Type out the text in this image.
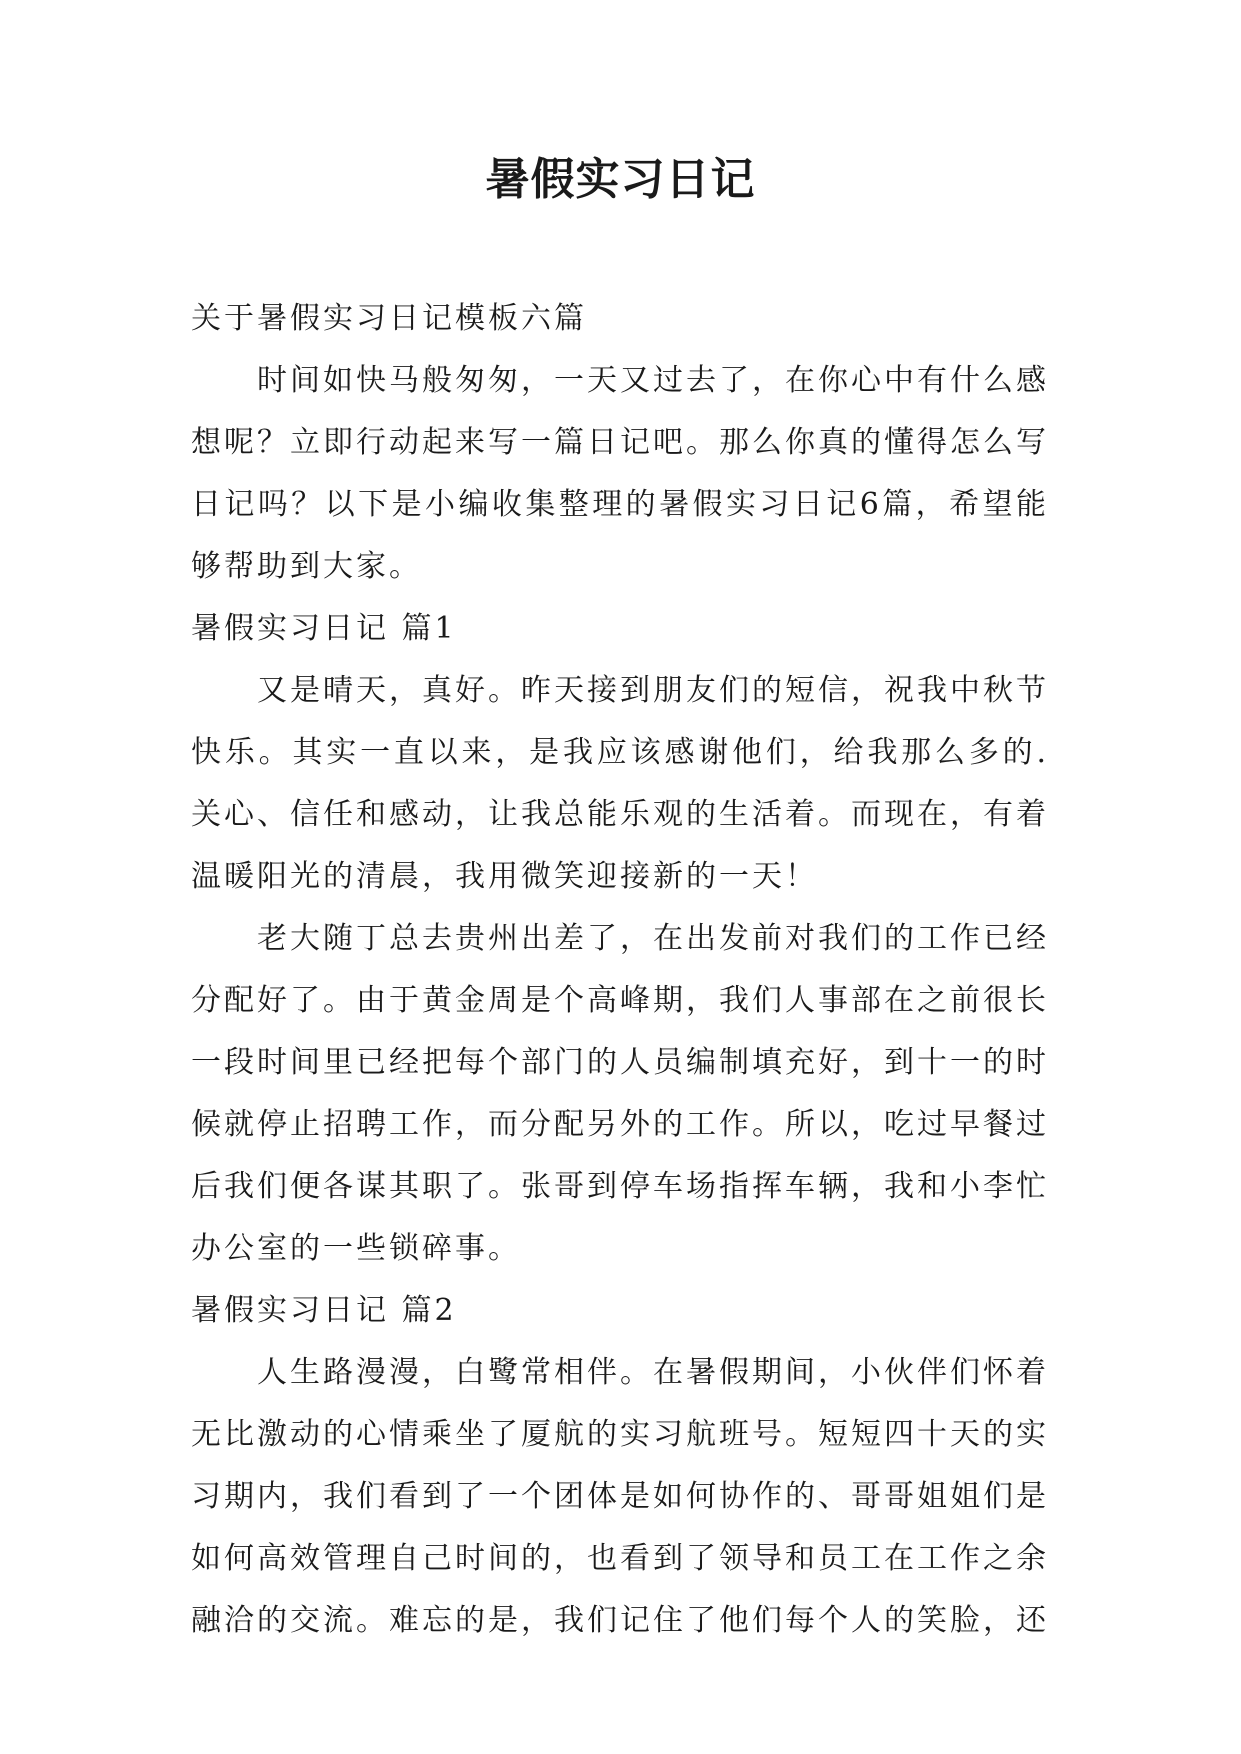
暑假实习日记

关于暑假实习日记模板六篇

时间如快马般匆匆，一天又过去了，在你心中有什么感想呢？立即行动起来写一篇日记吧。那么你真的懂得怎么写日记吗？以下是小编收集整理的暑假实习日记6篇，希望能够帮助到大家。

暑假实习日记 篇1

又是晴天，真好。昨天接到朋友们的短信，祝我中秋节快乐。其实一直以来，是我应该感谢他们，给我那么多的.关心、信任和感动，让我总能乐观的生活着。而现在，有着温暖阳光的清晨，我用微笑迎接新的一天！

老大随丁总去贵州出差了，在出发前对我们的工作已经分配好了。由于黄金周是个高峰期，我们人事部在之前很长一段时间里已经把每个部门的人员编制填充好，到十一的时候就停止招聘工作，而分配另外的工作。所以，吃过早餐过后我们便各谋其职了。张哥到停车场指挥车辆，我和小李忙办公室的一些锁碎事。

暑假实习日记 篇2

人生路漫漫，白鹭常相伴。在暑假期间，小伙伴们怀着无比激动的心情乘坐了厦航的实习航班号。短短四十天的实习期内，我们看到了一个团体是如何协作的、哥哥姐姐们是如何高效管理自己时间的，也看到了领导和员工在工作之余融洽的交流。难忘的是，我们记住了他们每个人的笑脸，还
